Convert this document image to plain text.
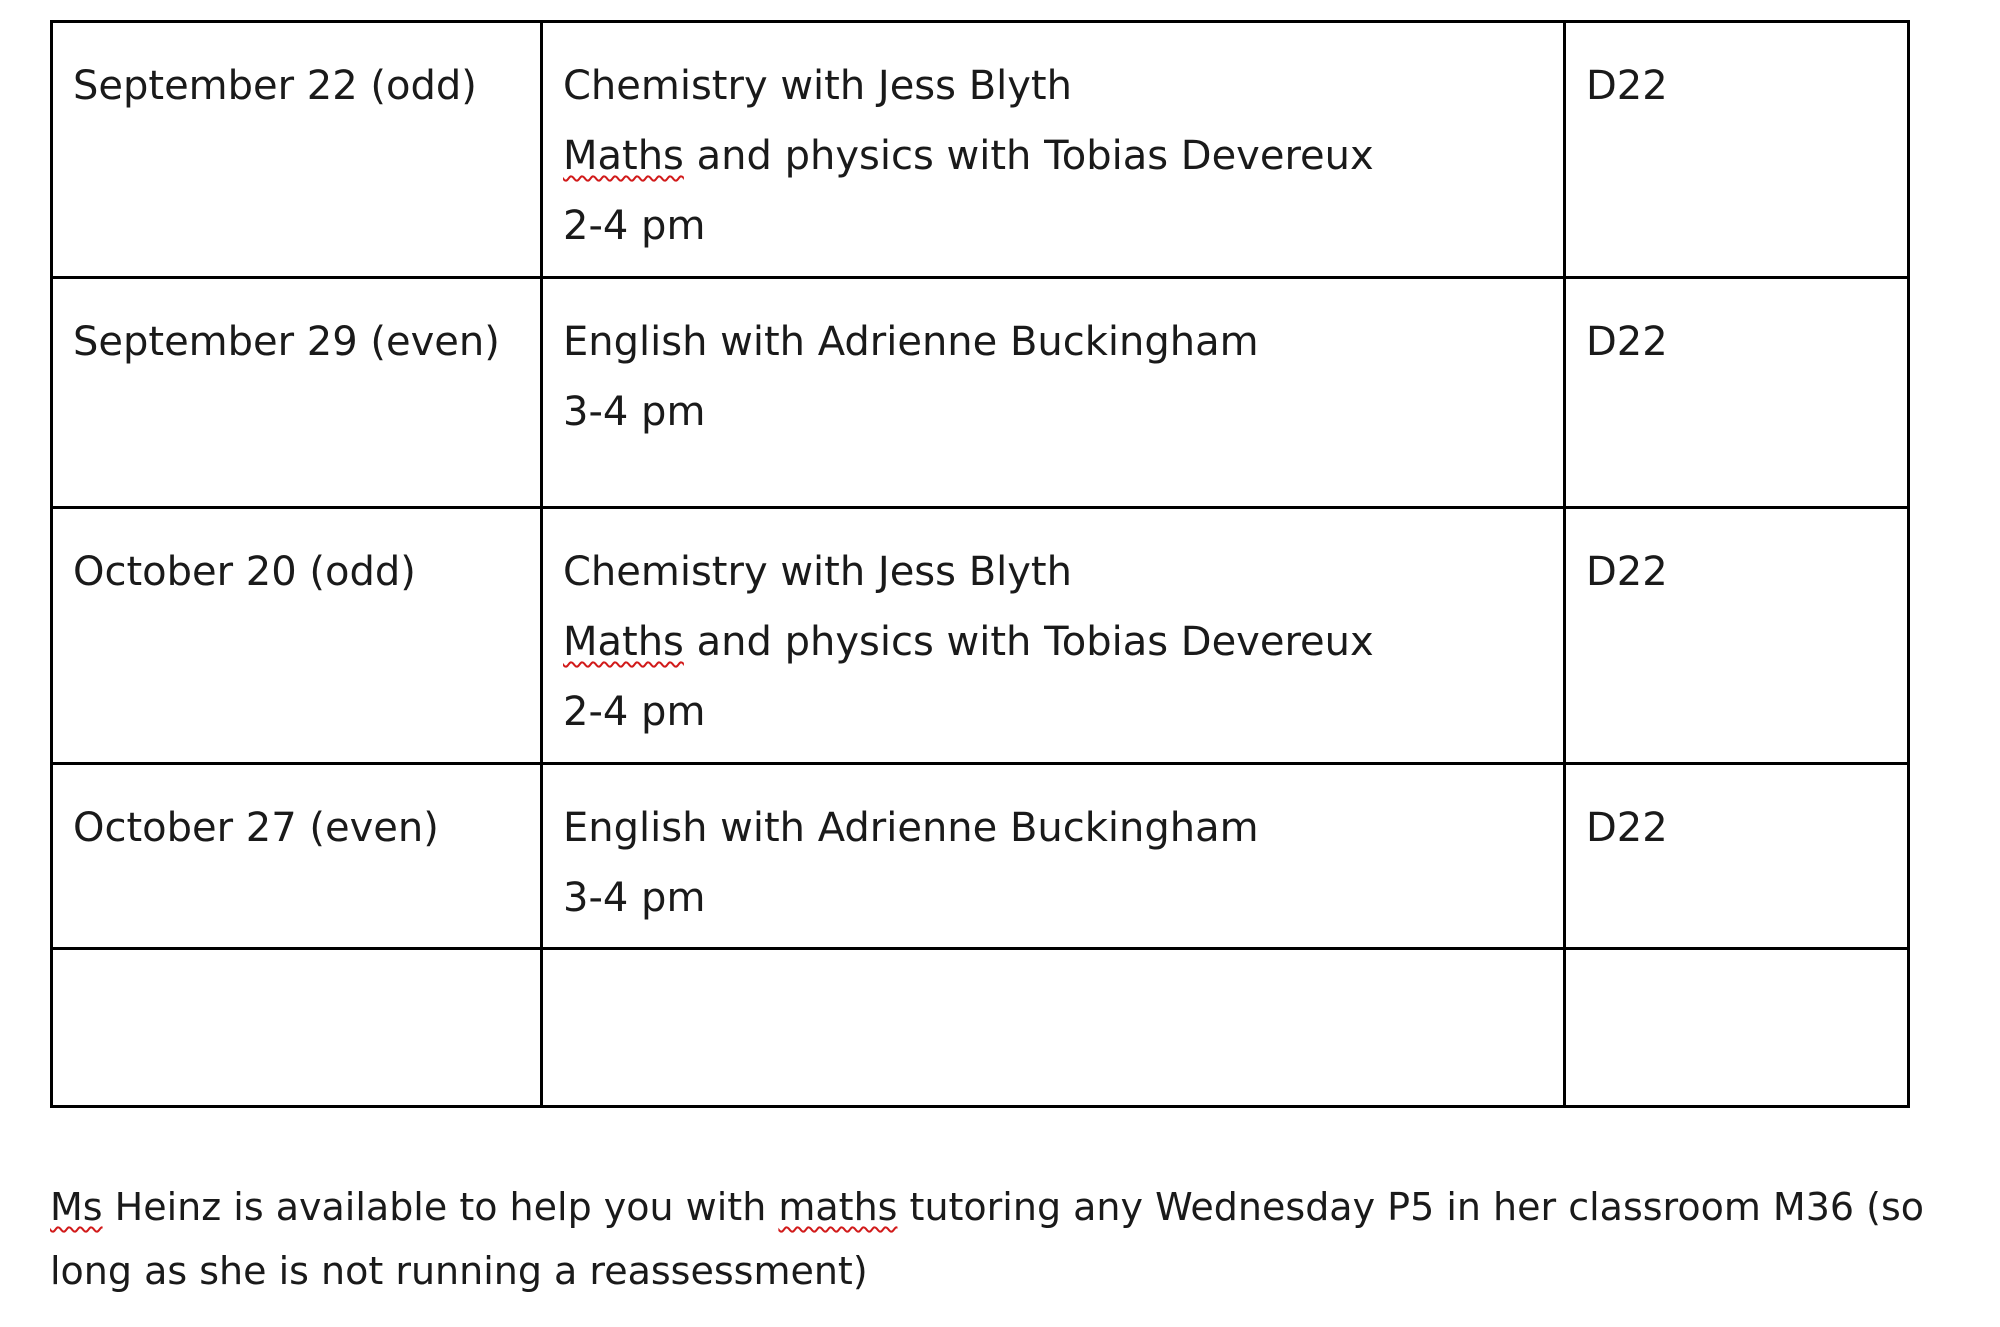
September 22 (odd)	Chemistry with Jess Blyth
Maths and physics with Tobias Devereux
2-4 pm	D22

September 29 (even)	English with Adrienne Buckingham
3-4 pm	D22

October 20 (odd)	Chemistry with Jess Blyth
Maths and physics with Tobias Devereux
2-4 pm	D22

October 27 (even)	English with Adrienne Buckingham
3-4 pm	D22

Ms Heinz is available to help you with maths tutoring any Wednesday P5 in her classroom M36 (so long as she is not running a reassessment)
